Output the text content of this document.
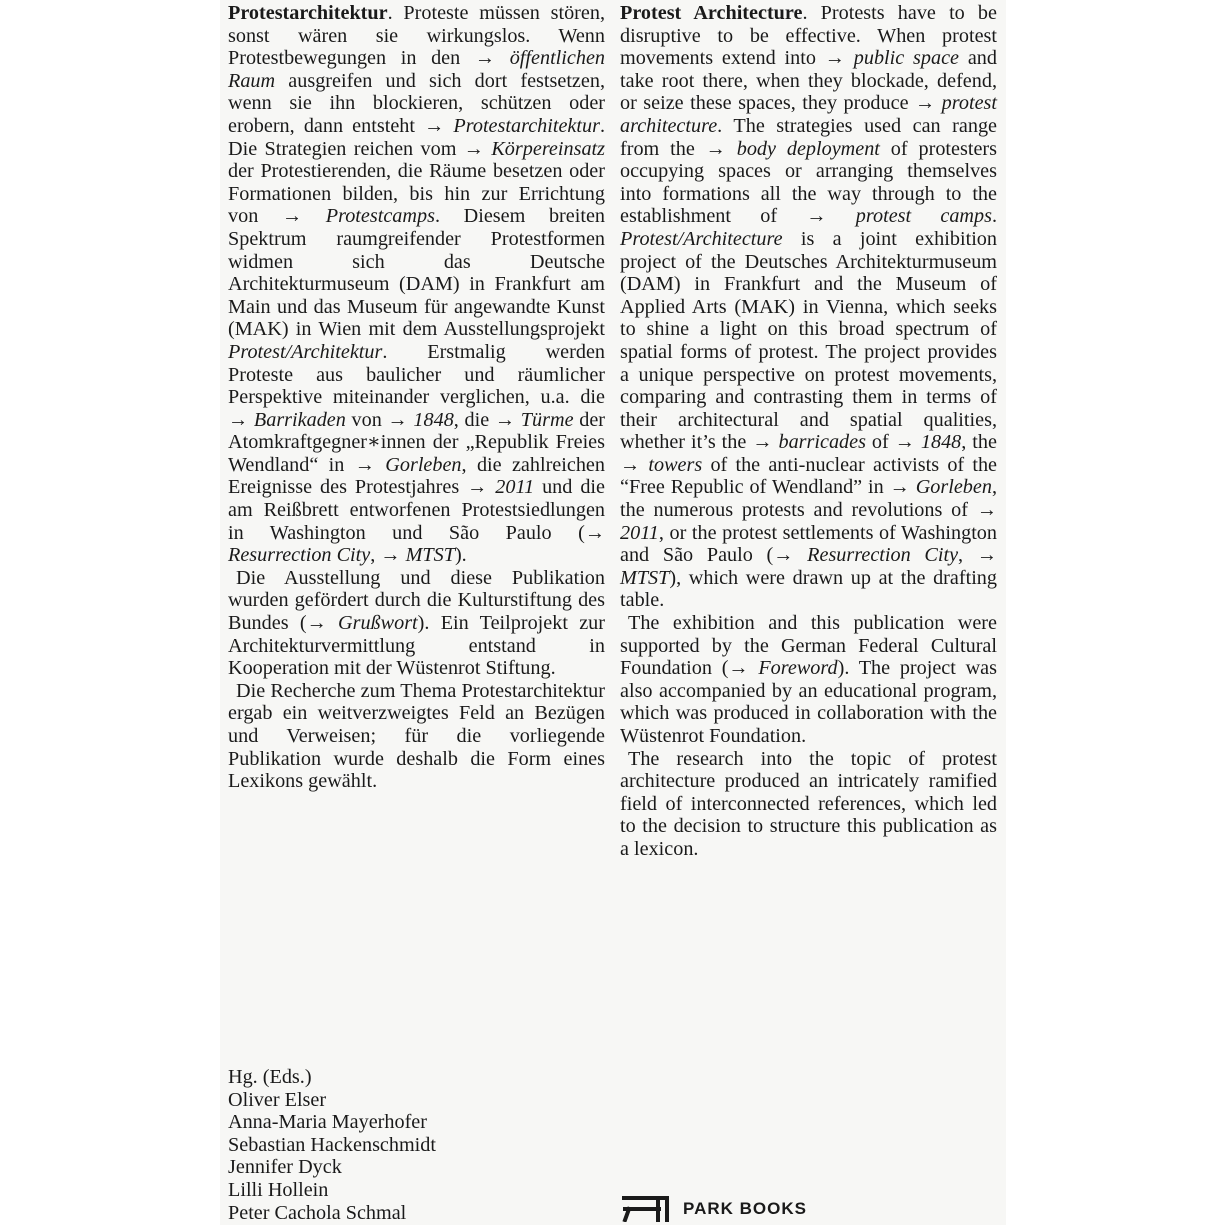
Protestarchitektur. Proteste müssen stören, sonst wären sie wirkungslos. Wenn Protestbewegungen in den → öffentlichen Raum ausgreifen und sich dort festsetzen, wenn sie ihn blockieren, schützen oder erobern, dann entsteht → Protestarchitektur. Die Strategien reichen vom → Körpereinsatz der Protestierenden, die Räume besetzen oder Formationen bilden, bis hin zur Errichtung von → Protestcamps. Diesem breiten Spektrum raumgreifender Protestformen widmen sich das Deutsche Architekturmuseum (DAM) in Frankfurt am Main und das Museum für angewandte Kunst (MAK) in Wien mit dem Ausstellungsprojekt Protest/Architektur. Erstmalig werden Proteste aus baulicher und räumlicher Perspektive miteinander verglichen, u.a. die → Barrikaden von → 1848, die → Türme der Atomkraftgegner∗innen der „Republik Freies Wendland“ in → Gorleben, die zahlreichen Ereignisse des Protestjahres → 2011 und die am Reißbrett entworfenen Protestsiedlungen in Washington und São Paulo (→ Resurrection City, → MTST).

Die Ausstellung und diese Publikation wurden gefördert durch die Kulturstiftung des Bundes (→ Grußwort). Ein Teilprojekt zur Architekturvermittlung entstand in Kooperation mit der Wüstenrot Stiftung.

Die Recherche zum Thema Protestarchitektur ergab ein weitverzweigtes Feld an Bezügen und Verweisen; für die vorliegende Publikation wurde deshalb die Form eines Lexikons gewählt.

Protest Architecture. Protests have to be disruptive to be effective. When protest movements extend into → public space and take root there, when they blockade, defend, or seize these spaces, they produce → protest architecture. The strategies used can range from the → body deployment of protesters occupying spaces or arranging themselves into formations all the way through to the establishment of → protest camps. Protest/Architecture is a joint exhibition project of the Deutsches Architekturmuseum (DAM) in Frankfurt and the Museum of Applied Arts (MAK) in Vienna, which seeks to shine a light on this broad spectrum of spatial forms of protest. The project provides a unique perspective on protest movements, comparing and contrasting them in terms of their architectural and spatial qualities, whether it’s the → barricades of → 1848, the → towers of the anti-nuclear activists of the “Free Republic of Wendland” in → Gorleben, the numerous protests and revolutions of → 2011, or the protest settlements of Washington and São Paulo (→ Resurrection City, → MTST), which were drawn up at the drafting table.

The exhibition and this publication were supported by the German Federal Cultural Foundation (→ Foreword). The project was also accompanied by an educational program, which was produced in collaboration with the Wüstenrot Foundation.

The research into the topic of protest architecture produced an intricately ramified field of interconnected references, which led to the decision to structure this publication as a lexicon.

Hg. (Eds.)
Oliver Elser
Anna-Maria Mayerhofer
Sebastian Hackenschmidt
Jennifer Dyck
Lilli Hollein
Peter Cachola Schmal	PARK BOOKS
